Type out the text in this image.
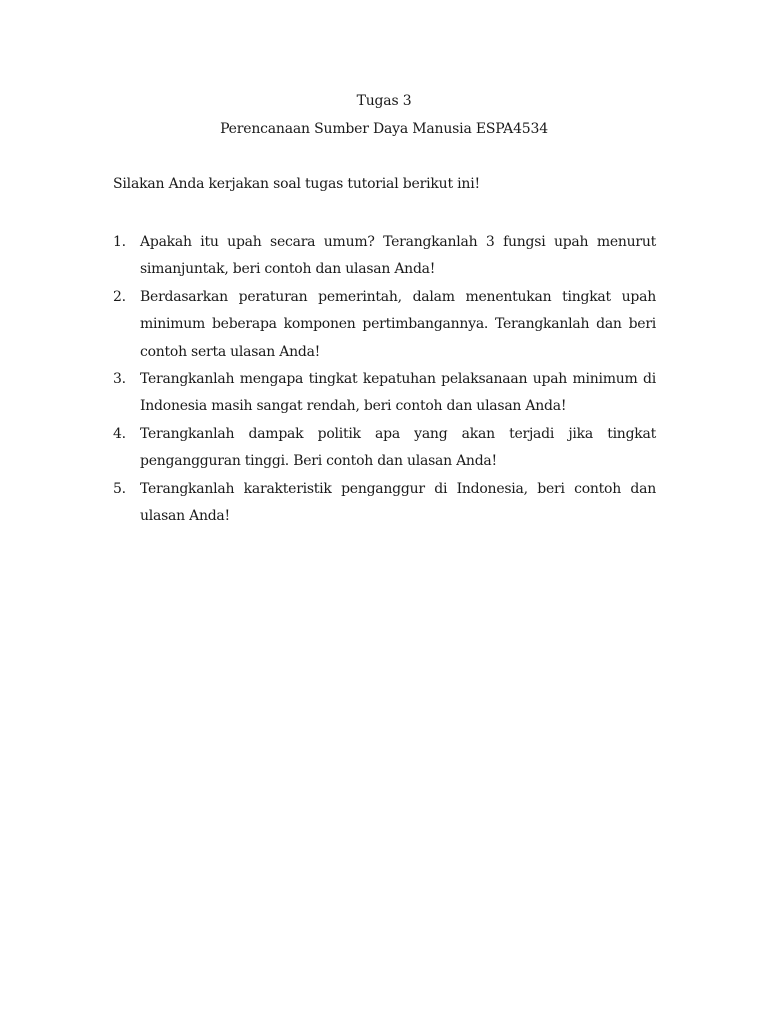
Tugas 3
Perencanaan Sumber Daya Manusia ESPA4534
Silakan Anda kerjakan soal tugas tutorial berikut ini!
1. Apakah itu upah secara umum? Terangkanlah 3 fungsi upah menurut simanjuntak, beri contoh dan ulasan Anda!
2. Berdasarkan peraturan pemerintah, dalam menentukan tingkat upah minimum beberapa komponen pertimbangannya. Terangkanlah dan beri contoh serta ulasan Anda!
3. Terangkanlah mengapa tingkat kepatuhan pelaksanaan upah minimum di Indonesia masih sangat rendah, beri contoh dan ulasan Anda!
4. Terangkanlah dampak politik apa yang akan terjadi jika tingkat pengangguran tinggi. Beri contoh dan ulasan Anda!
5. Terangkanlah karakteristik penganggur di Indonesia, beri contoh dan ulasan Anda!
